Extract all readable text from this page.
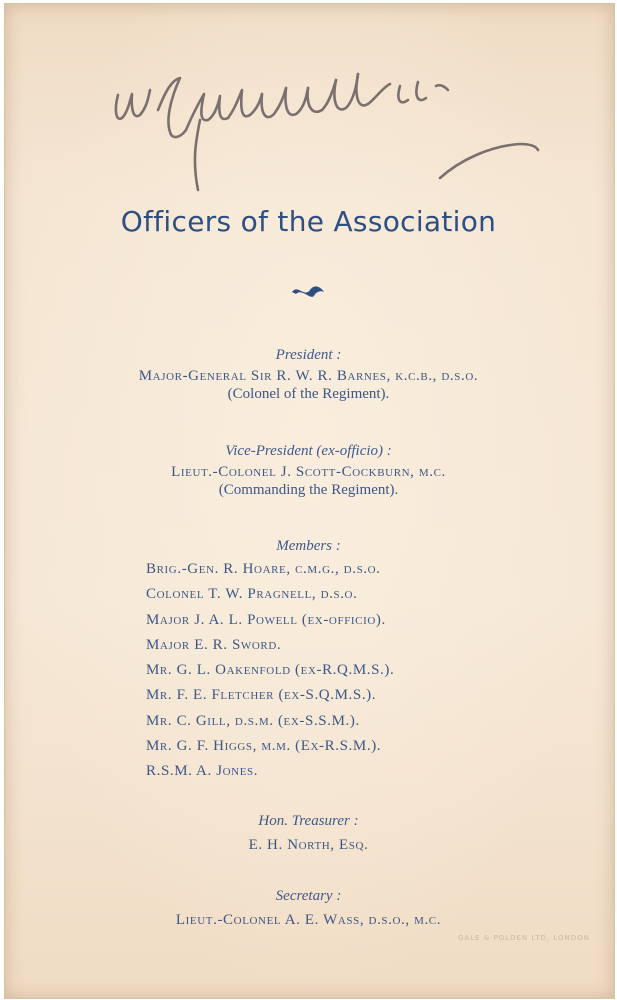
Officers of the Association
President :
Major-General Sir R. W. R. Barnes, k.c.b., d.s.o.
(Colonel of the Regiment).
Vice-President (ex-officio) :
Lieut.-Colonel J. Scott-Cockburn, m.c.
(Commanding the Regiment).
Members :
Brig.-Gen. R. Hoare, c.m.g., d.s.o.
Colonel T. W. Pragnell, d.s.o.
Major J. A. L. Powell (ex-officio).
Major E. R. Sword.
Mr. G. L. Oakenfold (ex-R.Q.M.S.).
Mr. F. E. Fletcher (ex-S.Q.M.S.).
Mr. C. Gill, d.s.m. (ex-S.S.M.).
Mr. G. F. Higgs, m.m. (Ex-R.S.M.).
R.S.M. A. Jones.
Hon. Treasurer :
E. H. North, Esq.
Secretary :
Lieut.-Colonel A. E. Wass, d.s.o., m.c.
GALE & POLDEN LTD, LONDON
